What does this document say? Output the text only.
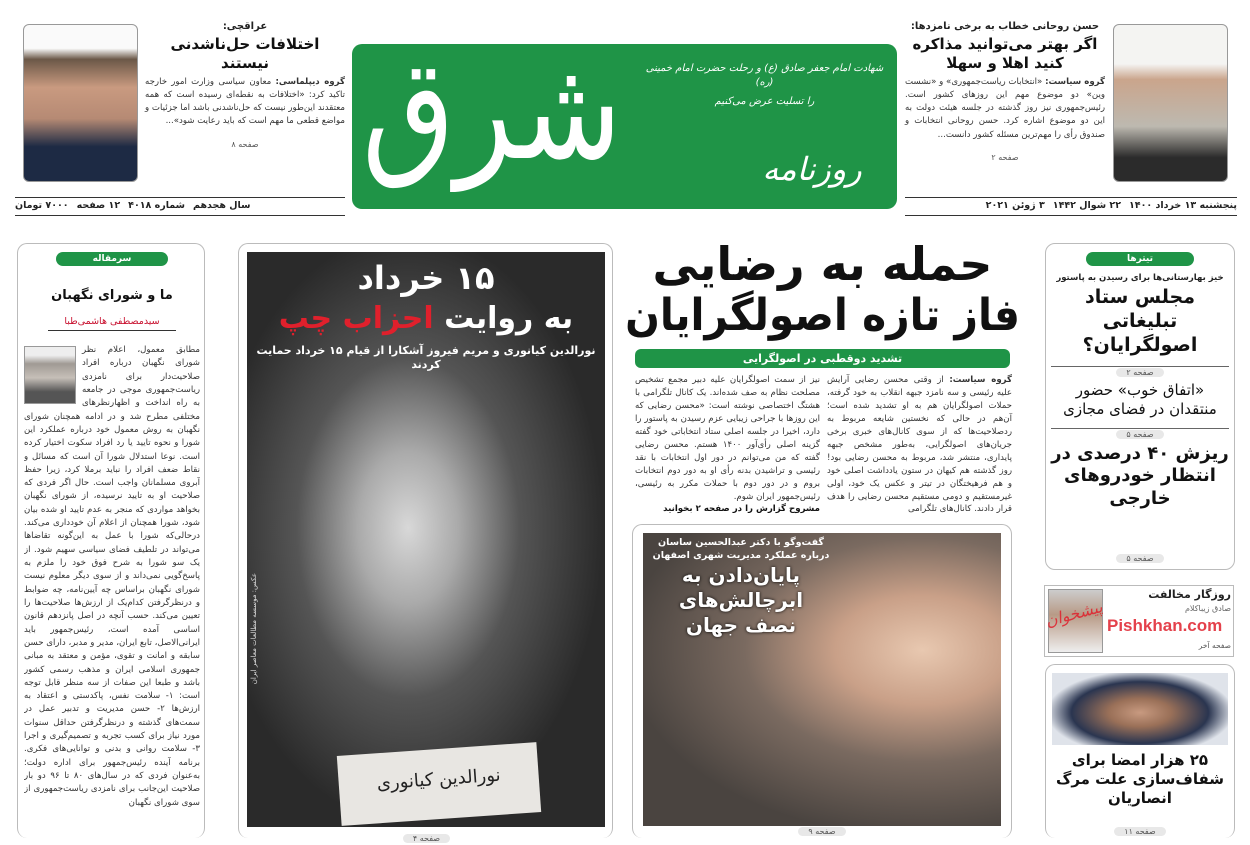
حسن روحانی خطاب به برخی نامزدها:
اگر بهتر می‌توانید مذاکره کنید اهلا و سهلا
گروه سیاست: «انتخابات ریاست‌جمهوری» و «نشست وین» دو موضوع مهم این روزهای کشور است. رئیس‌جمهوری نیز روز گذشته در جلسه هیئت دولت به این دو موضوع اشاره کرد. حسن روحانی انتخابات و صندوق رأی را مهم‌ترین مسئله کشور دانست...
صفحه ۲
پنجشنبه ۱۳ خرداد ۱۴۰۰
۲۲ شوال ۱۴۴۲
۳ ژوئن ۲۰۲۱
شرق	شهادت امام جعفر صادق (ع) و رحلت حضرت امام خمینی (ره)
را تسلیت عرض می‌کنیم
روزنامه
عراقچی:
اختلافات حل‌ناشدنی نیستند
گروه دیپلماسی: معاون سیاسی وزارت امور خارجه تاکید کرد: «اختلافات به نقطه‌ای رسیده است که همه معتقدند این‌طور نیست که حل‌ناشدنی باشد اما جزئیات و مواضع قطعی ما مهم است که باید رعایت شود»...
صفحه ۸
سال هجدهم
شماره ۴۰۱۸
۱۲ صفحه
۷۰۰۰ تومان
سرمقاله
ما و شورای نگهبان
سیدمصطفی هاشمی‌طبا
مطابق معمول، اعلام نظر شورای نگهبان درباره افراد صلاحیت‌دار برای نامزدی ریاست‌جمهوری موجی در جامعه به راه انداخت و اظهارنظرهای مختلفی مطرح شد و در ادامه همچنان شورای نگهبان به روش معمول خود درباره عملکرد این شورا و نحوه تایید یا رد افراد سکوت اختیار کرده است. نوعا استدلال شورا آن است که مسائل و نقاط ضعف افراد را نباید برملا کرد، زیرا حفظ آبروی مسلمانان واجب است. حال اگر فردی که صلاحیت او به تایید نرسیده، از شورای نگهبان بخواهد مواردی که منجر به عدم تایید او شده بیان شود، شورا همچنان از اعلام آن خودداری می‌کند. درحالی‌که شورا با عمل به این‌گونه تقاضاها می‌تواند در تلطیف فضای سیاسی سهیم شود. از یک سو شورا به شرح فوق خود را ملزم به پاسخ‌گویی نمی‌داند و از سوی دیگر معلوم نیست شورای نگهبان براساس چه آیین‌نامه، چه ضوابط و درنظرگرفتن کدام‌یک از ارزش‌ها صلاحیت‌ها را تعیین می‌کند. حسب آنچه در اصل پانزدهم قانون اساسی آمده است، رئیس‌جمهور باید ایرانی‌الاصل، تابع ایران، مدیر و مدبر، دارای حسن سابقه و امانت و تقوی، مؤمن و معتقد به مبانی جمهوری اسلامی ایران و مذهب رسمی کشور باشد و طبعا این صفات از سه منظر قابل توجه است: ۱- سلامت نفس، پاکدستی و اعتقاد به ارزش‌ها ۲- حسن مدیریت و تدبیر عمل در سمت‌های گذشته و درنظرگرفتن حداقل سنوات مورد نیاز برای کسب تجربه و تصمیم‌گیری و اجرا ۳- سلامت روانی و بدنی و توانایی‌های فکری. برنامه آینده رئیس‌جمهور برای اداره دولت؛ به‌عنوان فردی که در سال‌های ۸۰ تا ۹۶ دو بار صلاحیت این‌جانب برای نامزدی ریاست‌جمهوری از سوی شورای نگهبان
۱۵ خرداد
به روایت احزاب چپ
نورالدین کیانوری و مریم فیروز آشکارا از قیام ۱۵ خرداد حمایت کردند
عکس: موسسه مطالعات معاصر ایران
نورالدین کیانوری
صفحه ۴
حمله به رضایی
فاز تازه اصولگرایان
تشدید دوقطبی در اصولگرایی
گروه سیاست: از وقتی محسن رضایی آرایش علیه رئیسی و سه نامزد جبهه انقلاب به خود گرفته، حملات اصولگرایان هم به او تشدید شده است؛ آن‌هم در حالی که نخستین شایعه مربوط به ردصلاحیت‌ها که از سوی کانال‌های خبری برخی جریان‌های اصولگرایی، به‌طور مشخص جبهه پایداری، منتشر شد، مربوط به محسن رضایی بود! روز گذشته هم کیهان در ستون یادداشت اصلی خود و هم فرهیختگان در تیتر و عکس یک خود، اولی غیرمستقیم و دومی مستقیم محسن رضایی را هدف قرار دادند. کانال‌های تلگرامی
نیز از سمت اصولگرایان علیه دبیر مجمع تشخیص مصلحت نظام به صف شده‌اند. یک کانال تلگرامی با هشتگ اختصاصی نوشته است: «محسن رضایی که این روزها با جراحی زیبایی عزم رسیدن به پاستور را دارد، اخیرا در جلسه اصلی ستاد انتخاباتی خود گفته گزینه اصلی رأی‌آور ۱۴۰۰ هستم. محسن رضایی گفته که من می‌توانم در دور اول انتخابات با نقد رئیسی و تراشیدن بدنه رأی او به دور دوم انتخابات بروم و در دور دوم با حملات مکرر به رئیسی، رئیس‌جمهور ایران شوم.
مشروح گزارش را در صفحه ۲ بخوانید
گفت‌وگو با دکتر عبدالحسین ساسان
درباره عملکرد مدیریت شهری اصفهان
پایان‌دادن به ابرچالش‌های نصف جهان
صفحه ۹
تیترها
خیز بهارستانی‌ها برای رسیدن به پاستور
مجلس ستاد تبلیغاتی اصولگرایان؟
صفحه ۲
«اتفاق خوب» حضور منتقدان در فضای مجازی
صفحه ۵
ریزش ۴۰ درصدی در انتظار خودروهای خارجی
صفحه ۵
پیشخوان
روزگار مخالفت
صادق زیباکلام
Pishkhan.com
صفحه آخر
۲۵ هزار امضا برای شفاف‌سازی علت مرگ انصاریان
صفحه ۱۱
